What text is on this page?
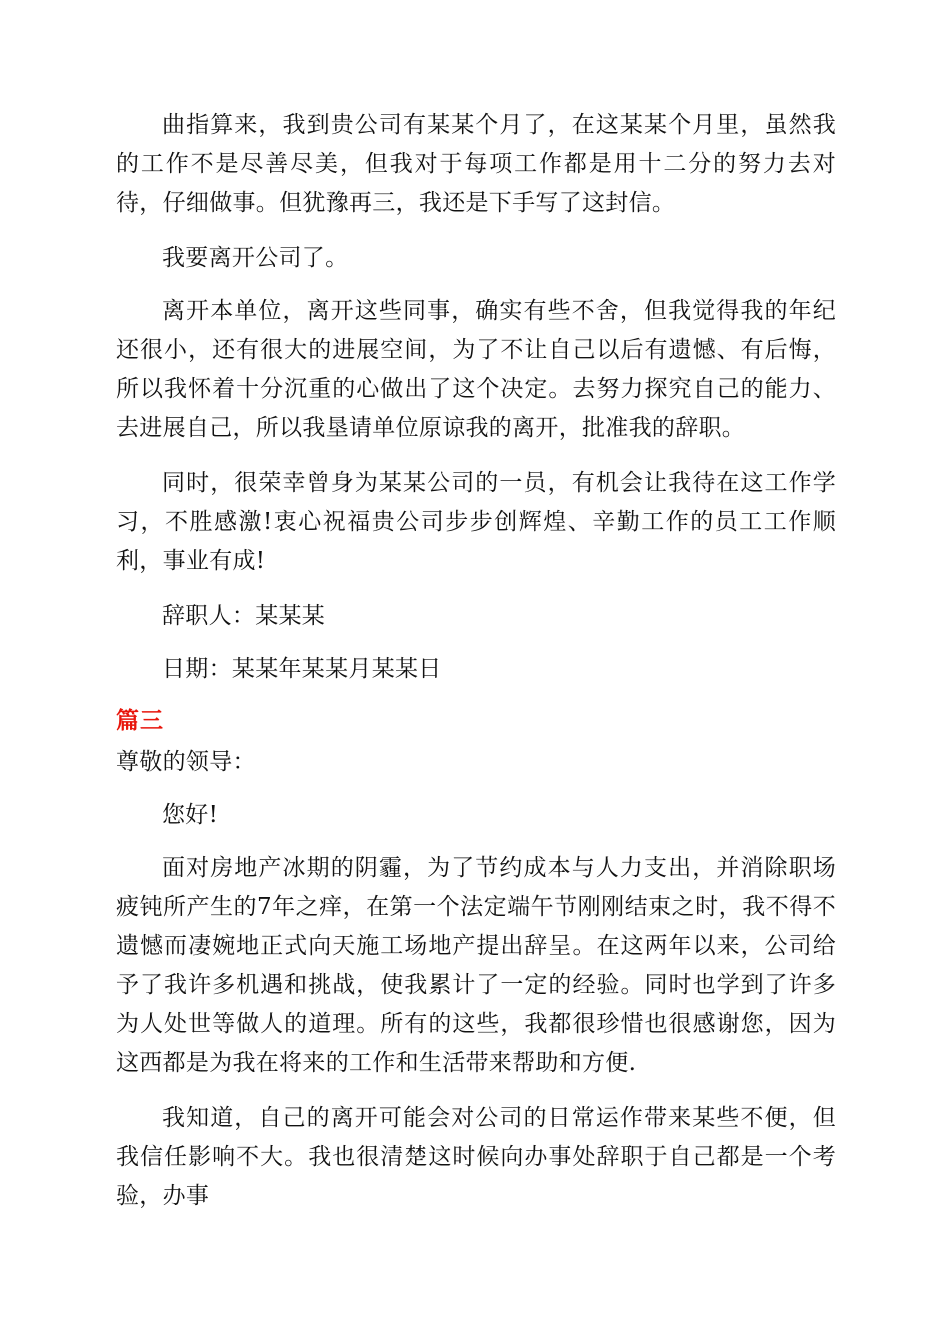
曲指算来，我到贵公司有某某个月了，在这某某个月里，虽然我的工作不是尽善尽美，但我对于每项工作都是用十二分的努力去对待，仔细做事。但犹豫再三，我还是下手写了这封信。

我要离开公司了。

离开本单位，离开这些同事，确实有些不舍，但我觉得我的年纪还很小，还有很大的进展空间，为了不让自己以后有遗憾、有后悔，所以我怀着十分沉重的心做出了这个决定。去努力探究自己的能力、去进展自己，所以我垦请单位原谅我的离开，批准我的辞职。

同时，很荣幸曾身为某某公司的一员，有机会让我待在这工作学习，不胜感激!衷心祝福贵公司步步创辉煌、辛勤工作的员工工作顺利，事业有成!

辞职人：某某某

日期：某某年某某月某某日

篇三

尊敬的领导：

您好!

面对房地产冰期的阴霾，为了节约成本与人力支出，并消除职场疲钝所产生的7年之痒，在第一个法定端午节刚刚结束之时，我不得不遗憾而凄婉地正式向天施工场地产提出辞呈。在这两年以来，公司给予了我许多机遇和挑战，使我累计了一定的经验。同时也学到了许多为人处世等做人的道理。所有的这些，我都很珍惜也很感谢您，因为这西都是为我在将来的工作和生活带来帮助和方便.

我知道，自己的离开可能会对公司的日常运作带来某些不便，但我信任影响不大。我也很清楚这时候向办事处辞职于自己都是一个考验，办事
